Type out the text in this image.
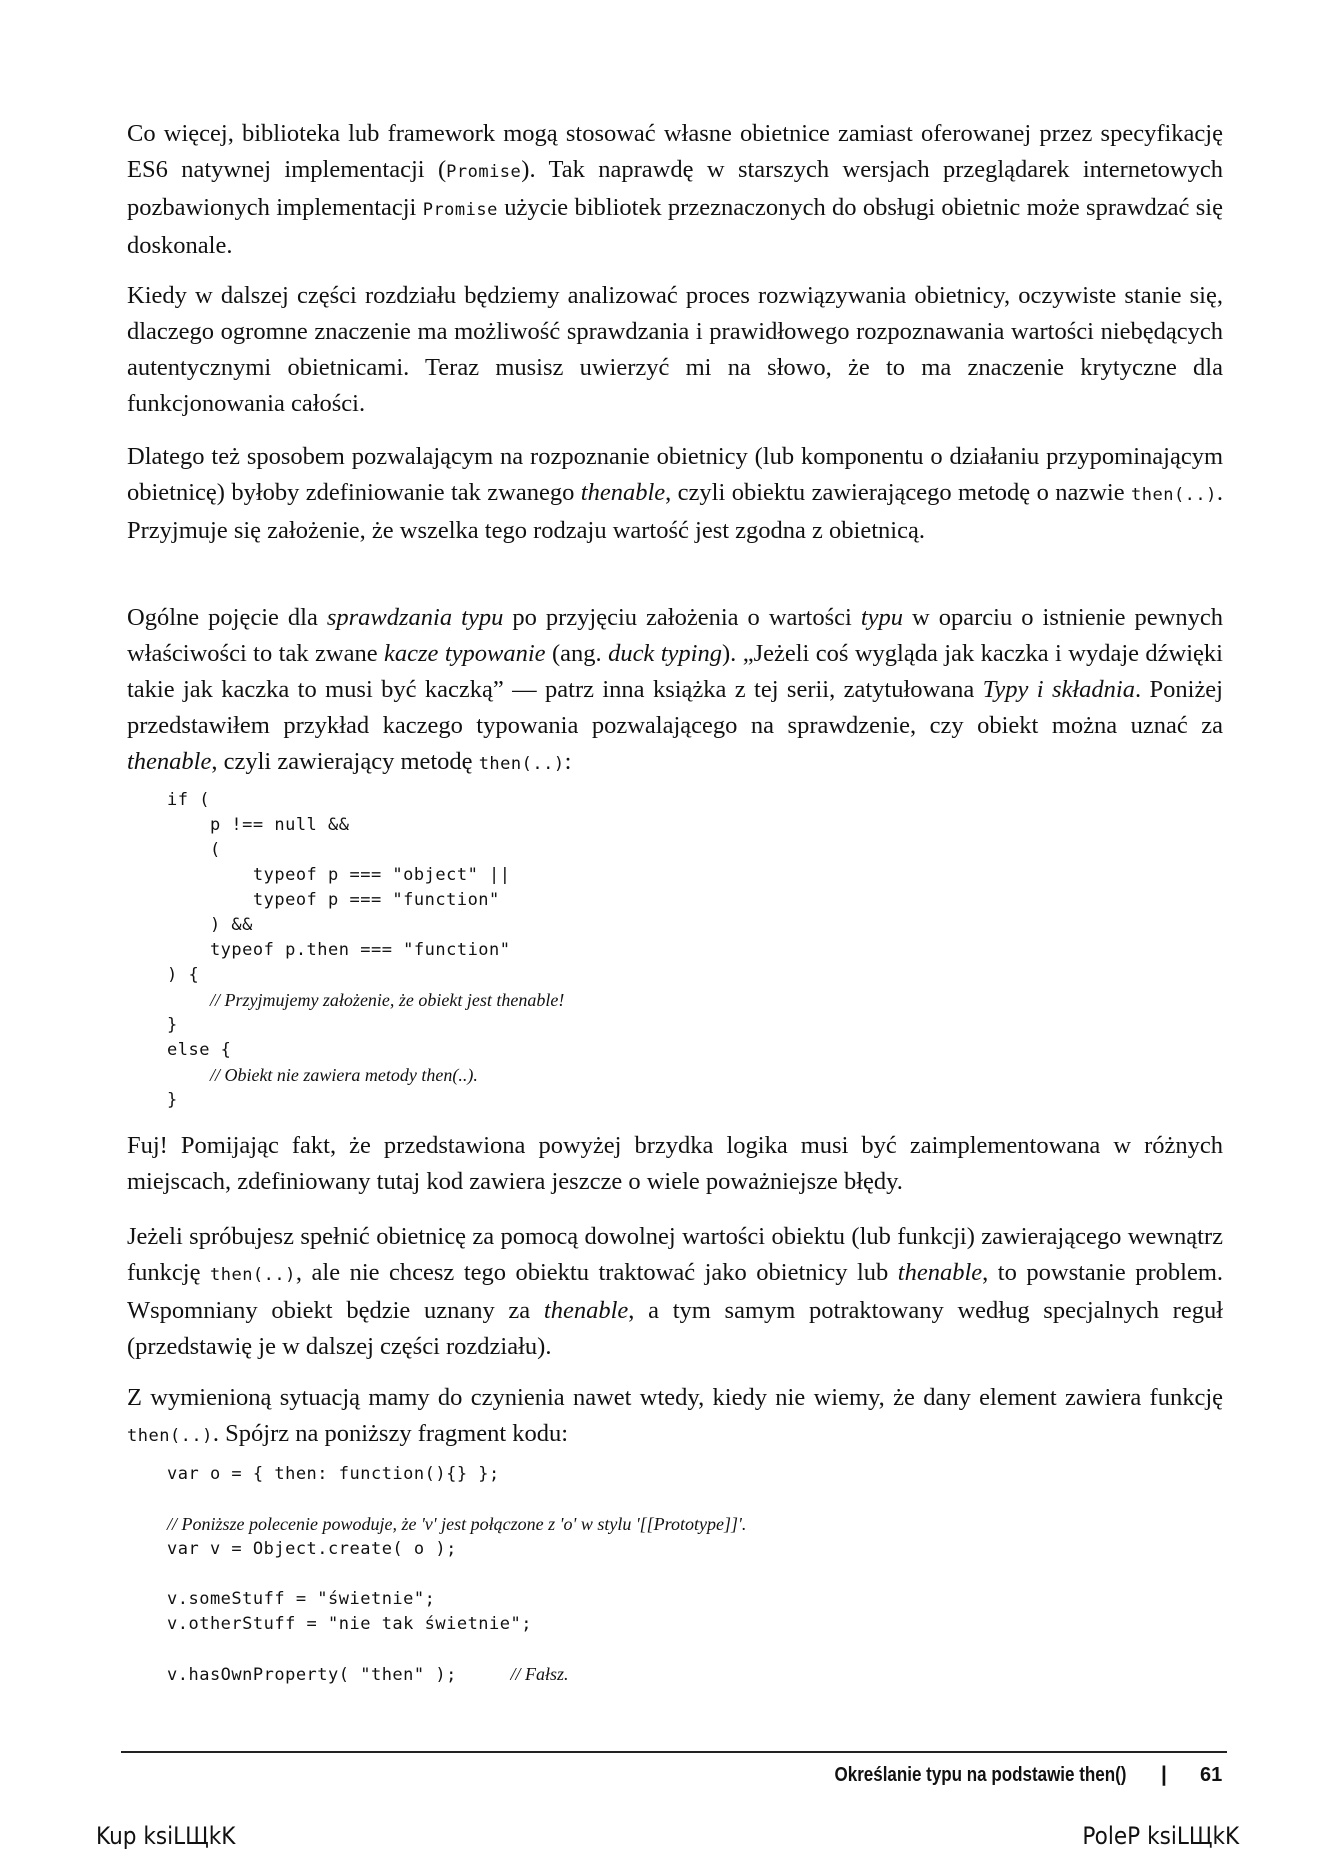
Co więcej, biblioteka lub framework mogą stosować własne obietnice zamiast oferowanej przez specyfikację ES6 natywnej implementacji (Promise). Tak naprawdę w starszych wersjach przeglądarek internetowych pozbawionych implementacji Promise użycie bibliotek przeznaczonych do obsługi obietnic może sprawdzać się doskonale.

Kiedy w dalszej części rozdziału będziemy analizować proces rozwiązywania obietnicy, oczywiste stanie się, dlaczego ogromne znaczenie ma możliwość sprawdzania i prawidłowego rozpoznawania wartości niebędących autentycznymi obietnicami. Teraz musisz uwierzyć mi na słowo, że to ma znaczenie krytyczne dla funkcjonowania całości.

Dlatego też sposobem pozwalającym na rozpoznanie obietnicy (lub komponentu o działaniu przypominającym obietnicę) byłoby zdefiniowanie tak zwanego thenable, czyli obiektu zawierającego metodę o nazwie then(..). Przyjmuje się założenie, że wszelka tego rodzaju wartość jest zgodna z obietnicą.

Ogólne pojęcie dla sprawdzania typu po przyjęciu założenia o wartości typu w oparciu o istnienie pewnych właściwości to tak zwane kacze typowanie (ang. duck typing). „Jeżeli coś wygląda jak kaczka i wydaje dźwięki takie jak kaczka to musi być kaczką” — patrz inna książka z tej serii, zatytułowana Typy i składnia. Poniżej przedstawiłem przykład kaczego typowania pozwalającego na sprawdzenie, czy obiekt można uznać za thenable, czyli zawierający metodę then(..):

if (
p !== null &&
(
typeof p === "object" ||
typeof p === "function"
) &&
typeof p.then === "function"
) {
// Przyjmujemy założenie, że obiekt jest thenable!
}
else {
// Obiekt nie zawiera metody then(..).
}

Fuj! Pomijając fakt, że przedstawiona powyżej brzydka logika musi być zaimplementowana w różnych miejscach, zdefiniowany tutaj kod zawiera jeszcze o wiele poważniejsze błędy.

Jeżeli spróbujesz spełnić obietnicę za pomocą dowolnej wartości obiektu (lub funkcji) zawierającego wewnątrz funkcję then(..), ale nie chcesz tego obiektu traktować jako obietnicy lub thenable, to powstanie problem. Wspomniany obiekt będzie uznany za thenable, a tym samym potraktowany według specjalnych reguł (przedstawię je w dalszej części rozdziału).

Z wymienioną sytuacją mamy do czynienia nawet wtedy, kiedy nie wiemy, że dany element zawiera funkcję then(..). Spójrz na poniższy fragment kodu:

var o = { then: function(){} };
// Poniższe polecenie powoduje, że 'v' jest połączone z 'o' w stylu '[[Prototype]]'.
var v = Object.create( o );
v.someStuff = "świetnie";
v.otherStuff = "nie tak świetnie";
v.hasOwnProperty( "then" );     // Fałsz.
Określanie typu na podstawie then() | 61
Kup ksiLЩkK	PoleP ksiLЩkK
